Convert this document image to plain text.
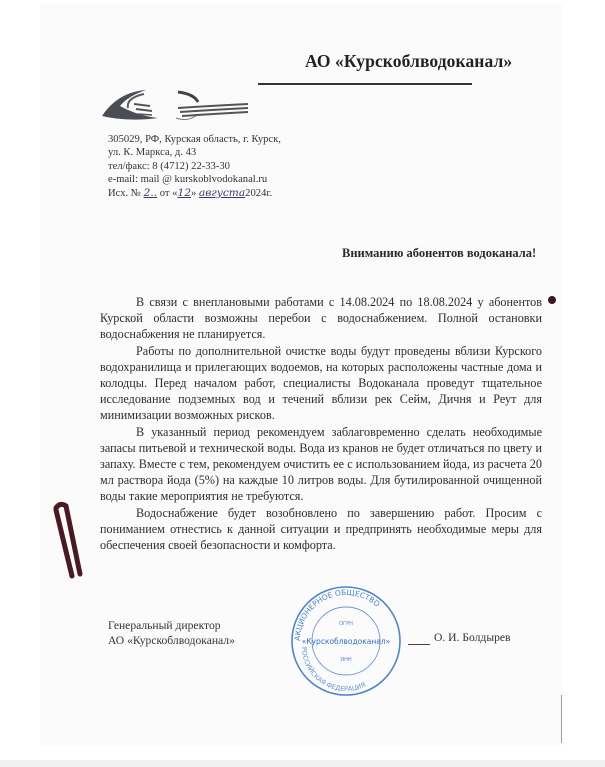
АО «Курскоблводоканал»
305029, РФ, Курская область, г. Курск,
ул. К. Маркса, д. 43
тел/факс: 8 (4712) 22-33-30
e-mail: mail @ kurskoblvodokanal.ru
Исх. № 2.. от «12» августа2024г.
Вниманию абонентов водоканала!

В связи с внеплановыми работами с 14.08.2024 по 18.08.2024 у абонентов Курской области возможны перебои с водоснабжением. Полной остановки водоснабжения не планируется.

Работы по дополнительной очистке воды будут проведены вблизи Курского водохранилища и прилегающих водоемов, на которых расположены частные дома и колодцы. Перед началом работ, специалисты Водоканала проведут тщательное исследование подземных вод и течений вблизи рек Сейм, Дичня и Реут для минимизации возможных рисков.

В указанный период рекомендуем заблаговременно сделать необходимые запасы питьевой и технической воды. Вода из кранов не будет отличаться по цвету и запаху. Вместе с тем, рекомендуем очистить ее с использованием йода, из расчета 20 мл раствора йода (5%) на каждые 10 литров воды. Для бутилированной очищенной воды такие мероприятия не требуются.

Водоснабжение будет возобновлено по завершению работ. Просим с пониманием отнестись к данной ситуации и предпринять необходимые меры для обеспечения своей безопасности и комфорта.

Генеральный директор
АО «Курскоблводоканал»	АКЦИОНЕРНОЕ ОБЩЕСТВО
РОССИЙСКАЯ ФЕДЕРАЦИЯ
ОГРН
«Курскоблводоканал»
ИНН
О. И. Болдырев
